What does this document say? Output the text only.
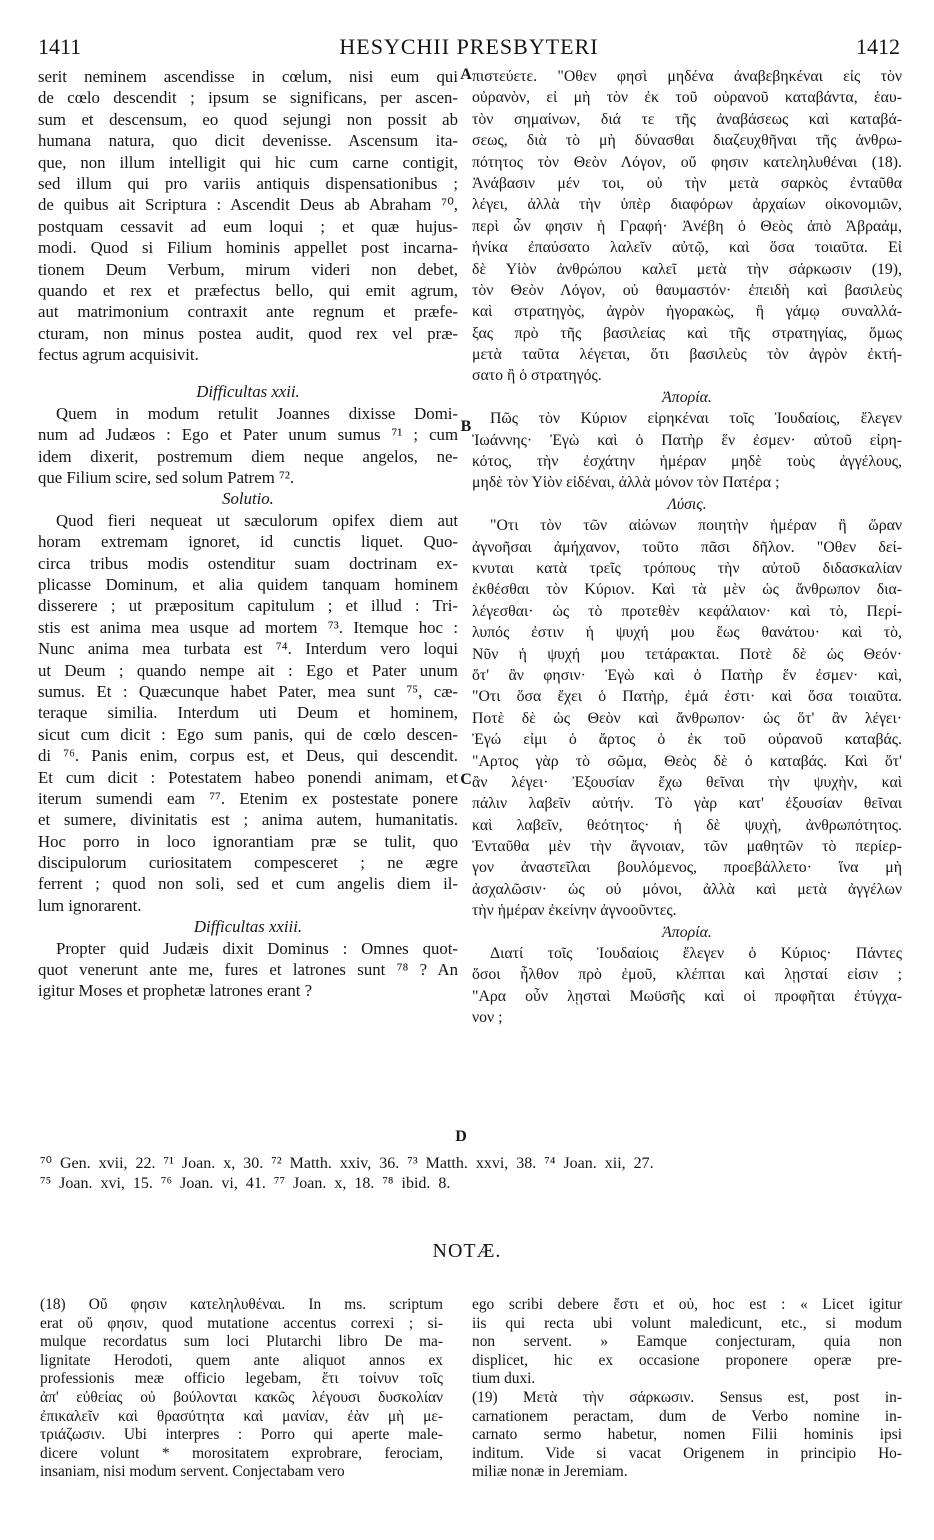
1411	HESYCHII PRESBYTERI	1412
serit neminem ascendisse in cœlum, nisi eum qui
de cœlo descendit ; ipsum se significans, per ascen-
sum et descensum, eo quod sejungi non possit ab
humana natura, quo dicit devenisse. Ascensum ita-
que, non illum intelligit qui hic cum carne contigit,
sed illum qui pro variis antiquis dispensationibus ;
de quibus ait Scriptura : Ascendit Deus ab Abraham ⁷⁰,
postquam cessavit ad eum loqui ; et quæ hujus-
modi. Quod si Filium hominis appellet post incarna-
tionem Deum Verbum, mirum videri non debet,
quando et rex et præfectus bello, qui emit agrum,
aut matrimonium contraxit ante regnum et præfe-
cturam, non minus postea audit, quod rex vel præ-
fectus agrum acquisivit.
Difficultas xxii.
Quem in modum retulit Joannes dixisse Domi-
num ad Judæos : Ego et Pater unum sumus ⁷¹ ; cum
idem dixerit, postremum diem neque angelos, ne-
que Filium scire, sed solum Patrem ⁷².
Solutio.
Quod fieri nequeat ut sæculorum opifex diem aut
horam extremam ignoret, id cunctis liquet. Quo-
circa tribus modis ostenditur suam doctrinam ex-
plicasse Dominum, et alia quidem tanquam hominem
disserere ; ut præpositum capitulum ; et illud : Tri-
stis est anima mea usque ad mortem ⁷³. Itemque hoc :
Nunc anima mea turbata est ⁷⁴. Interdum vero loqui
ut Deum ; quando nempe ait : Ego et Pater unum
sumus. Et : Quæcunque habet Pater, mea sunt ⁷⁵, cæ-
teraque similia. Interdum uti Deum et hominem,
sicut cum dicit : Ego sum panis, qui de cœlo descen-
di ⁷⁶. Panis enim, corpus est, et Deus, qui descendit.
Et cum dicit : Potestatem habeo ponendi animam, et
iterum sumendi eam ⁷⁷. Etenim ex postestate ponere
et sumere, divinitatis est ; anima autem, humanitatis.
Hoc porro in loco ignorantiam præ se tulit, quo
discipulorum curiositatem compesceret ; ne ægre
ferrent ; quod non soli, sed et cum angelis diem il-
lum ignorarent.
Difficultas xxiii.
Propter quid Judæis dixit Dominus : Omnes quot-
quot venerunt ante me, fures et latrones sunt ⁷⁸ ? An
igitur Moses et prophetæ latrones erant ?
πιστεύετε. "Οθεν φησὶ μηδένα ἀναβεβηκέναι εἰς τὸν
οὐρανὸν, εἰ μὴ τὸν ἐκ τοῦ οὐρανοῦ καταβάντα, ἑαυ-
τὸν σημαίνων, διά τε τῆς ἀναβάσεως καὶ καταβά-
σεως, διὰ τὸ μὴ δύνασθαι διαζευχθῆναι τῆς ἀνθρω-
πότητος τὸν Θεὸν Λόγον, οὔ φησιν κατεληλυθέναι (18).
Ἀνάβασιν μέν τοι, οὐ τὴν μετὰ σαρκὸς ἐνταῦθα
λέγει, ἀλλὰ τὴν ὑπὲρ διαφόρων ἀρχαίων οἰκονομιῶν,
περὶ ὧν φησιν ἡ Γραφή· Ἀνέβη ὁ Θεὸς ἀπὸ Ἀβραάμ,
ἡνίκα ἐπαύσατο λαλεῖν αὐτῷ, καὶ ὅσα τοιαῦτα. Εἰ
δὲ Υἱὸν ἀνθρώπου καλεῖ μετὰ τὴν σάρκωσιν (19),
τὸν Θεὸν Λόγον, οὐ θαυμαστόν· ἐπειδὴ καὶ βασιλεὺς
καὶ στρατηγὸς, ἀγρὸν ἠγορακὼς, ἢ γάμῳ συναλλά-
ξας πρὸ τῆς βασιλείας καὶ τῆς στρατηγίας, ὅμως
μετὰ ταῦτα λέγεται, ὅτι βασιλεὺς τὸν ἀγρὸν ἐκτή-
σατο ἢ ὁ στρατηγός.
Ἀπορία.
Πῶς τὸν Κύριον εἰρηκέναι τοῖς Ἰουδαίοις, ἔλεγεν
Ἰωάννης· Ἐγὼ καὶ ὁ Πατὴρ ἕν ἐσμεν· αὐτοῦ εἰρη-
κότος, τὴν ἐσχάτην ἡμέραν μηδὲ τοὺς ἀγγέλους,
μηδὲ τὸν Υἱὸν εἰδέναι, ἀλλὰ μόνον τὸν Πατέρα ;
Λύσις.
"Οτι τὸν τῶν αἰώνων ποιητὴν ἡμέραν ἢ ὥραν
ἀγνοῆσαι ἀμήχανον, τοῦτο πᾶσι δῆλον. "Οθεν δεί-
κνυται κατὰ τρεῖς τρόπους τὴν αὐτοῦ διδασκαλίαν
ἐκθέσθαι τὸν Κύριον. Καὶ τὰ μὲν ὡς ἄνθρωπον δια-
λέγεσθαι· ὡς τὸ προτεθὲν κεφάλαιον· καὶ τὸ, Περί-
λυπός ἐστιν ἡ ψυχή μου ἕως θανάτου· καὶ τὸ,
Νῦν ἡ ψυχή μου τετάρακται. Ποτὲ δὲ ὡς Θεόν·
ὅτ' ἂν φησιν· Ἐγὼ καὶ ὁ Πατὴρ ἕν ἐσμεν· καὶ,
"Οτι ὅσα ἔχει ὁ Πατὴρ, ἐμά ἐστι· καὶ ὅσα τοιαῦτα.
Ποτὲ δὲ ὡς Θεὸν καὶ ἄνθρωπον· ὡς ὅτ' ἂν λέγει·
Ἐγώ εἰμι ὁ ἄρτος ὁ ἐκ τοῦ οὐρανοῦ καταβάς.
"Αρτος γὰρ τὸ σῶμα, Θεὸς δὲ ὁ καταβάς. Καὶ ὅτ'
ἂν λέγει· Ἐξουσίαν ἔχω θεῖναι τὴν ψυχὴν, καὶ
πάλιν λαβεῖν αὐτήν. Τὸ γὰρ κατ' ἐξουσίαν θεῖναι
καὶ λαβεῖν, θεότητος· ἡ δὲ ψυχὴ, ἀνθρωπότητος.
Ἐνταῦθα μὲν τὴν ἄγνοιαν, τῶν μαθητῶν τὸ περίερ-
γον ἀναστεῖλαι βουλόμενος, προεβάλλετο· ἵνα μὴ
ἀσχαλῶσιν· ὡς οὐ μόνοι, ἀλλὰ καὶ μετὰ ἀγγέλων
τὴν ἡμέραν ἐκείνην ἀγνοοῦντες.
Ἀπορία.
Διατί τοῖς Ἰουδαίοις ἔλεγεν ὁ Κύριος· Πάντες
ὅσοι ἦλθον πρὸ ἐμοῦ, κλέπται καὶ λῃσταί εἰσιν ;
"Αρα οὖν λῃσταὶ Μωϋσῆς καὶ οἱ προφῆται ἐτύγχα-
νον ;
A
B
C
D
⁷⁰ Gen. xvii, 22. ⁷¹ Joan. x, 30. ⁷² Matth. xxiv, 36. ⁷³ Matth. xxvi, 38. ⁷⁴ Joan. xii, 27.
⁷⁵ Joan. xvi, 15. ⁷⁶ Joan. vi, 41. ⁷⁷ Joan. x, 18. ⁷⁸ ibid. 8.
NOTÆ.
(18) Οὔ φησιν κατεληλυθέναι. In ms. scriptum
erat οὔ φησιν, quod mutatione accentus correxi ; si-
mulque recordatus sum loci Plutarchi libro De ma-
lignitate Herodoti, quem ante aliquot annos ex
professionis meæ officio legebam, ἔτι τοίνυν τοῖς
ἀπ' εὐθείας οὐ βούλονται κακῶς λέγουσι δυσκολίαν
ἐπικαλεῖν καὶ θρασύτητα καὶ μανίαν, ἐὰν μὴ με-
τριάζωσιν. Ubi interpres : Porro qui aperte male-
dicere volunt * morositatem exprobrare, ferociam,
insaniam, nisi modum servent. Conjectabam vero
ego scribi debere ἔστι et οὐ, hoc est : « Licet igitur
iis qui recta ubi volunt maledicunt, etc., si modum
non servent. » Eamque conjecturam, quia non
displicet, hic ex occasione proponere operæ pre-
tium duxi.
(19) Μετὰ τὴν σάρκωσιν. Sensus est, post in-
carnationem peractam, dum de Verbo nomine in-
carnato sermo habetur, nomen Filii hominis ipsi
inditum. Vide si vacat Origenem in principio Ho-
miliæ nonæ in Jeremiam.
